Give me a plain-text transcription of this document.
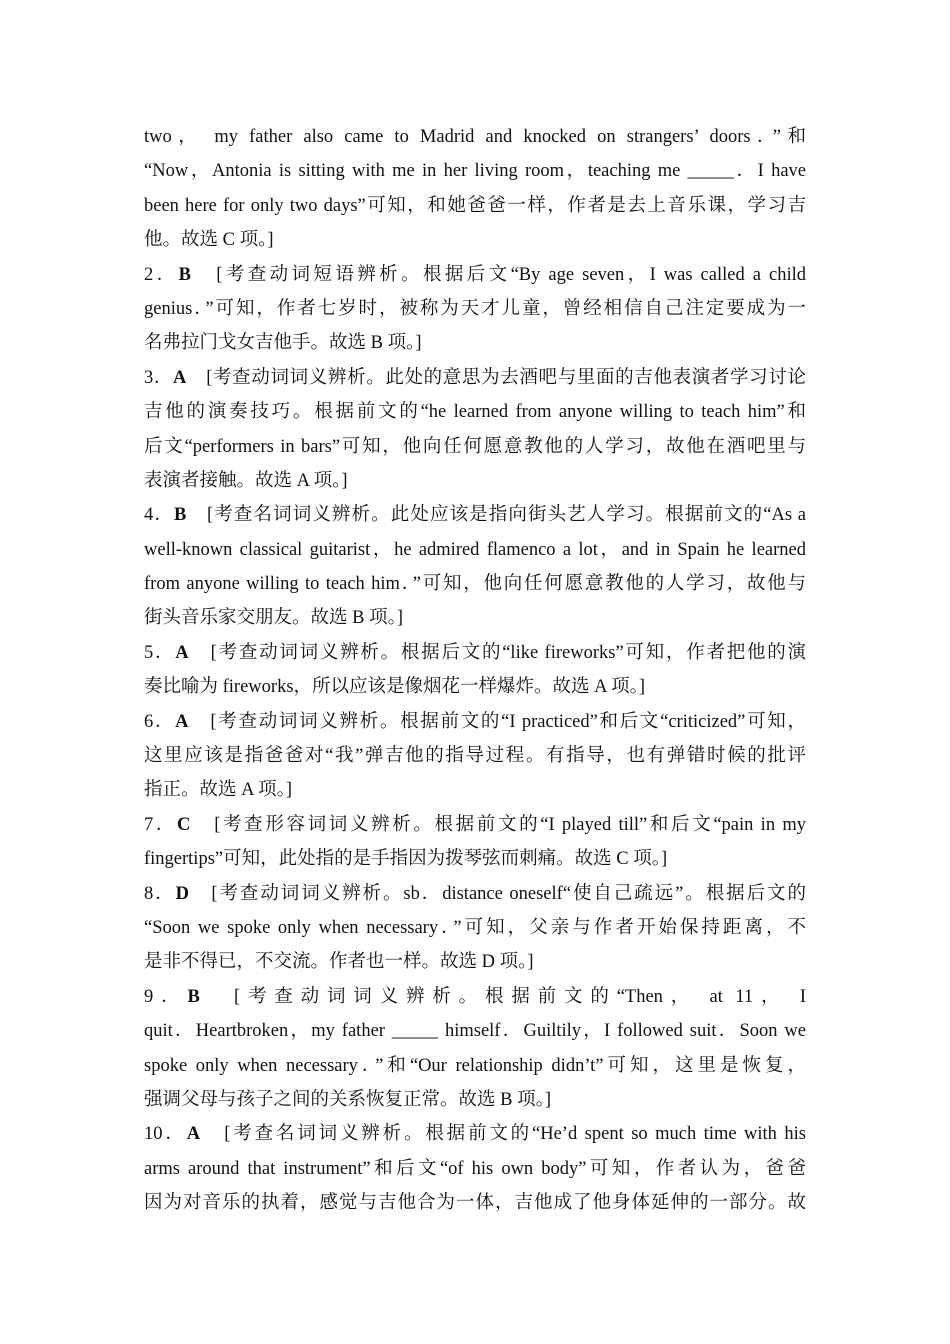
two， my father also came to Madrid and knocked on strangers’ doors．”和
“Now，Antonia is sitting with me in her living room，teaching me _____．I have
been here for only two days”可知，和她爸爸一样，作者是去上音乐课，学习吉
他。故选 C 项。]
2．B　[考查动词短语辨析。根据后文“By age seven，I was called a child
genius．”可知，作者七岁时，被称为天才儿童，曾经相信自己注定要成为一
名弗拉门戈女吉他手。故选 B 项。]
3．A　[考查动词词义辨析。此处的意思为去酒吧与里面的吉他表演者学习讨论
吉他的演奏技巧。根据前文的“he learned from anyone willing to teach him”和
后文“performers in bars”可知，他向任何愿意教他的人学习，故他在酒吧里与
表演者接触。故选 A 项。]
4．B　[考查名词词义辨析。此处应该是指向街头艺人学习。根据前文的“As a
well-known classical guitarist，he admired flamenco a lot，and in Spain he learned
from anyone willing to teach him．”可知，他向任何愿意教他的人学习，故他与
街头音乐家交朋友。故选 B 项。]
5．A　[考查动词词义辨析。根据后文的“like fireworks”可知，作者把他的演
奏比喻为 fireworks，所以应该是像烟花一样爆炸。故选 A 项。]
6．A　[考查动词词义辨析。根据前文的“I practiced”和后文“criticized”可知，
这里应该是指爸爸对“我”弹吉他的指导过程。有指导，也有弹错时候的批评
指正。故选 A 项。]
7．C　[考查形容词词义辨析。根据前文的“I played till”和后文“pain in my
fingertips”可知，此处指的是手指因为拨琴弦而刺痛。故选 C 项。]
8．D　[考查动词词义辨析。sb．distance oneself“使自己疏远”。根据后文的
“Soon we spoke only when necessary．”可知，父亲与作者开始保持距离，不
是非不得已，不交流。作者也一样。故选 D 项。]
9．B　[考查动词词义辨析。根据前文的“Then， at 11， I
quit．Heartbroken，my father _____ himself．Guiltily，I followed suit．Soon we
spoke only when necessary．”和“Our relationship didn’t”可知，这里是恢复，
强调父母与孩子之间的关系恢复正常。故选 B 项。]
10．A　[考查名词词义辨析。根据前文的“He’d spent so much time with his
arms around that instrument”和后文“of his own body”可知，作者认为，爸爸
因为对音乐的执着，感觉与吉他合为一体，吉他成了他身体延伸的一部分。故
